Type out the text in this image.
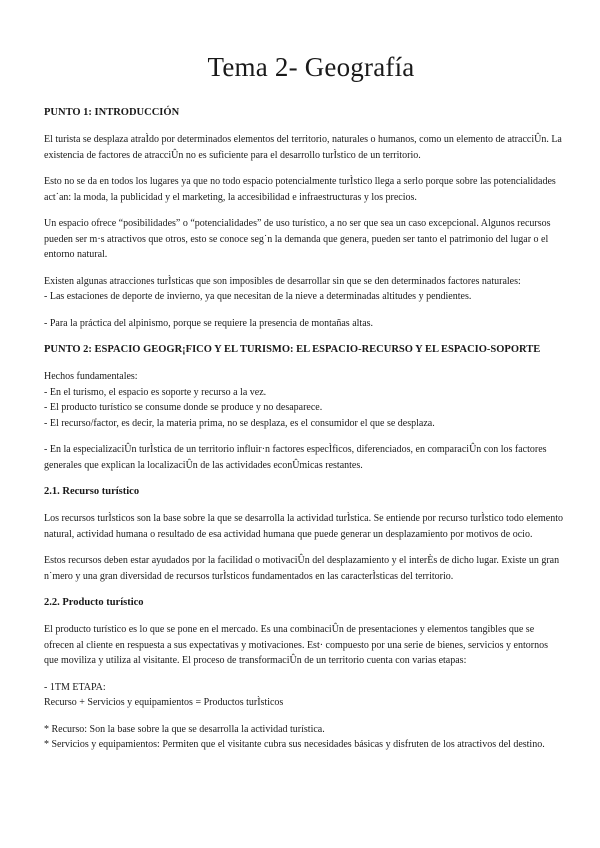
Tema 2- Geografía
PUNTO 1: INTRODUCCIÓN

El turista se desplaza atraÌdo por determinados elementos del territorio, naturales o humanos, como un elemento de atracciÛn. La existencia de factores de atracciÛn no es suficiente para el desarrollo turÌstico de un territorio.

Esto no se da en todos los lugares ya que no todo espacio potencialmente turÌstico llega a serlo porque sobre las potencialidades act˙an: la moda, la publicidad y el marketing, la accesibilidad e infraestructuras y los precios.

Un espacio ofrece “posibilidades” o “potencialidades” de uso turístico, a no ser que sea un caso excepcional. Algunos recursos pueden ser m·s atractivos que otros, esto se conoce seg˙n la demanda que genera, pueden ser tanto el patrimonio del lugar o el entorno natural.

Existen algunas atracciones turÌsticas que son imposibles de desarrollar sin que se den determinados factores naturales:

- Las estaciones de deporte de invierno, ya que necesitan de la nieve a determinadas altitudes y pendientes.

- Para la práctica del alpinismo, porque se requiere la presencia de montañas altas.

PUNTO 2: ESPACIO GEOGR¡FICO Y EL TURISMO: EL ESPACIO-RECURSO Y EL ESPACIO-SOPORTE

Hechos fundamentales:

- En el turismo, el espacio es soporte y recurso a la vez.

- El producto turístico se consume donde se produce y no desaparece.

- El recurso/factor, es decir, la materia prima, no se desplaza, es el consumidor el que se desplaza.

- En la especializaciÛn turÌstica de un territorio influir·n factores especÌficos, diferenciados, en comparaciÛn con los factores generales que explican la localizaciÛn de las actividades econÛmicas restantes.

2.1. Recurso turístico

Los recursos turÌsticos son la base sobre la que se desarrolla la actividad turÌstica. Se entiende por recurso turÌstico todo elemento natural, actividad humana o resultado de esa actividad humana que puede generar un desplazamiento por motivos de ocio.

Estos recursos deben estar ayudados por la facilidad o motivaciÛn del desplazamiento y el interÈs de dicho lugar. Existe un gran n˙mero y una gran diversidad de recursos turÌsticos fundamentados en las caracterÌsticas del territorio.

2.2. Producto turístico

El producto turístico es lo que se pone en el mercado. Es una combinaciÛn de presentaciones y elementos tangibles que se ofrecen al cliente en respuesta a sus expectativas y motivaciones. Est· compuesto por una serie de bienes, servicios y entornos que moviliza y utiliza al visitante. El proceso de transformaciÛn de un territorio cuenta con varias etapas:

- 1TM ETAPA:

Recurso + Servicios y equipamientos = Productos turÌsticos

* Recurso: Son la base sobre la que se desarrolla la actividad turística.

* Servicios y equipamientos: Permiten que el visitante cubra sus necesidades básicas y disfruten de los atractivos del destino.
